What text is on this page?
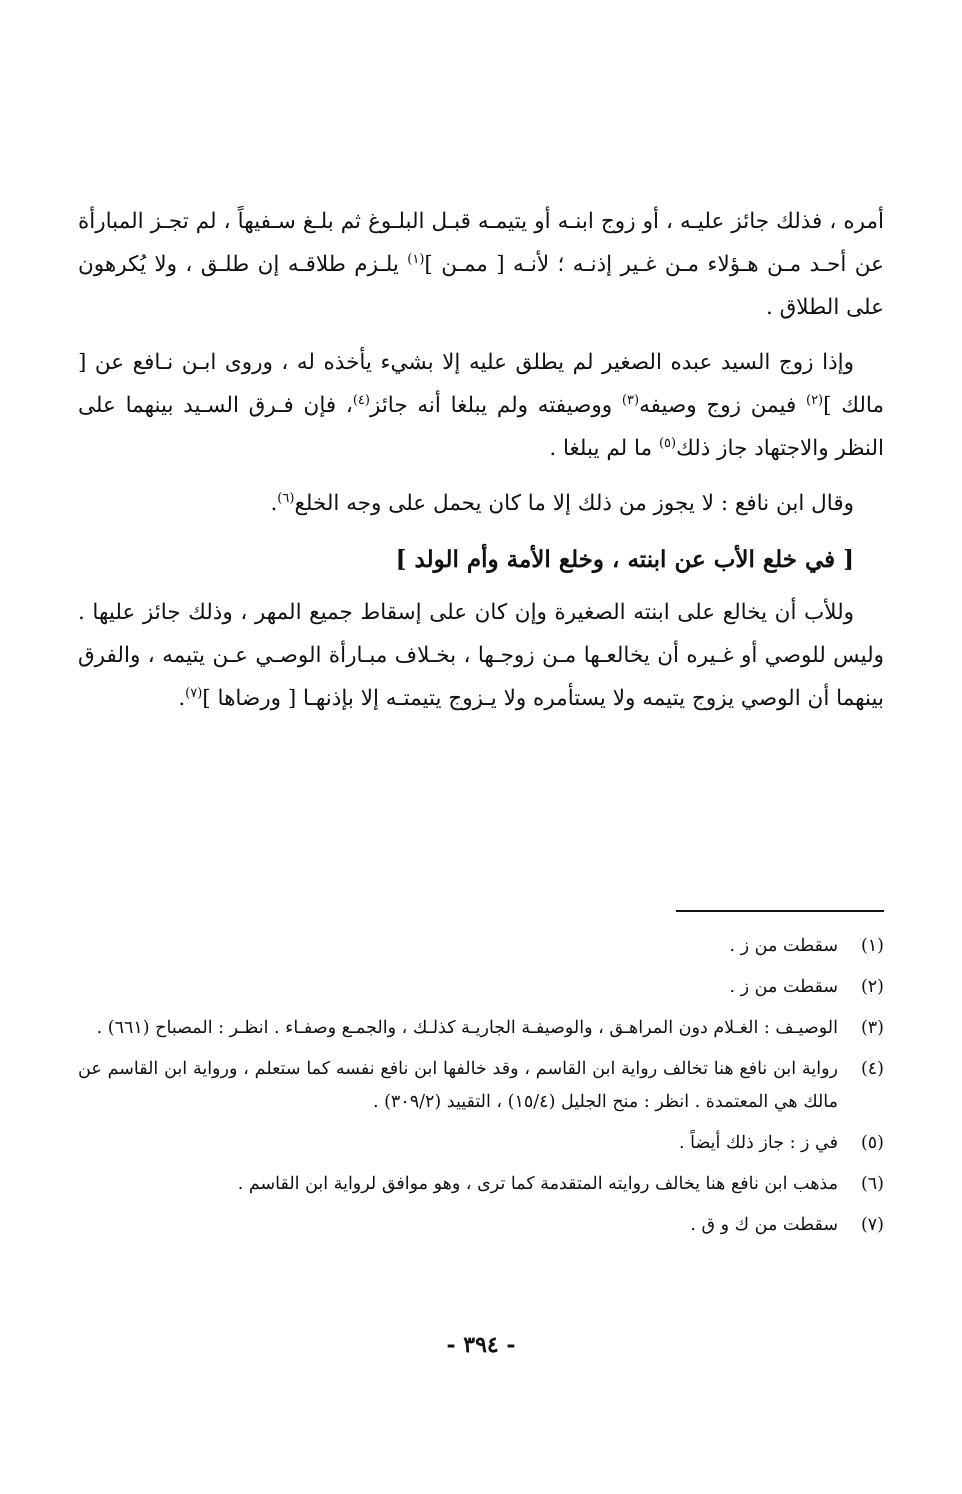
أمره ، فذلك جائز عليـه ، أو زوج ابنـه أو يتيمـه قبـل البلـوغ ثم بلـغ سـفيهاً ، لم تجـز المبارأة عن أحـد مـن هـؤلاء مـن غـير إذنـه ؛ لأنـه [ ممـن ]$^{(١)}$ يلـزم طلاقـه إن طلـق ، ولا يُكرهون على الطلاق .

وإذا زوج السيد عبده الصغير لم يطلق عليه إلا بشيء يأخذه له ، وروى ابـن نـافع عن [ مالك ]$^{(٢)}$ فيمن زوج وصيفه$^{(٣)}$ ووصيفته ولم يبلغا أنه جائز$^{(٤)}$، فإن فـرق السـيد بينهما على النظر والاجتهاد جاز ذلك$^{(٥)}$ ما لم يبلغا .

وقال ابن نافع : لا يجوز من ذلك إلا ما كان يحمل على وجه الخلع$^{(٦)}$.

[ في خلع الأب عن ابنته ، وخلع الأمة وأم الولد ]

وللأب أن يخالع على ابنته الصغيرة وإن كان على إسقاط جميع المهر ، وذلك جائز عليها . وليس للوصي أو غـيره أن يخالعـها مـن زوجـها ، بخـلاف مبـارأة الوصـي عـن يتيمه ، والفرق بينهما أن الوصي يزوج يتيمه ولا يستأمره ولا يـزوج يتيمتـه إلا بإذنهـا [ ورضاها ]$^{(٧)}$.

(١)
سقطت من ز .
(٢)
سقطت من ز .
(٣)
الوصيـف : الغـلام دون المراهـق ، والوصيفـة الجاريـة كذلـك ، والجمـع وصفـاء . انظـر : المصباح (٦٦١) .
(٤)
رواية ابن نافع هنا تخالف رواية ابن القاسم ، وقد خالفها ابن نافع نفسه كما ستعلم ، ورواية ابن القاسم عن مالك هي المعتمدة . انظر : منح الجليل (١٥/٤) ، التقييد (٣٠٩/٢) .
(٥)
في ز : جاز ذلك أيضاً .
(٦)
مذهب ابن نافع هنا يخالف روايته المتقدمة كما ترى ، وهو موافق لرواية ابن القاسم .
(٧)
سقطت من ك و ق .
- ٣٩٤ -
